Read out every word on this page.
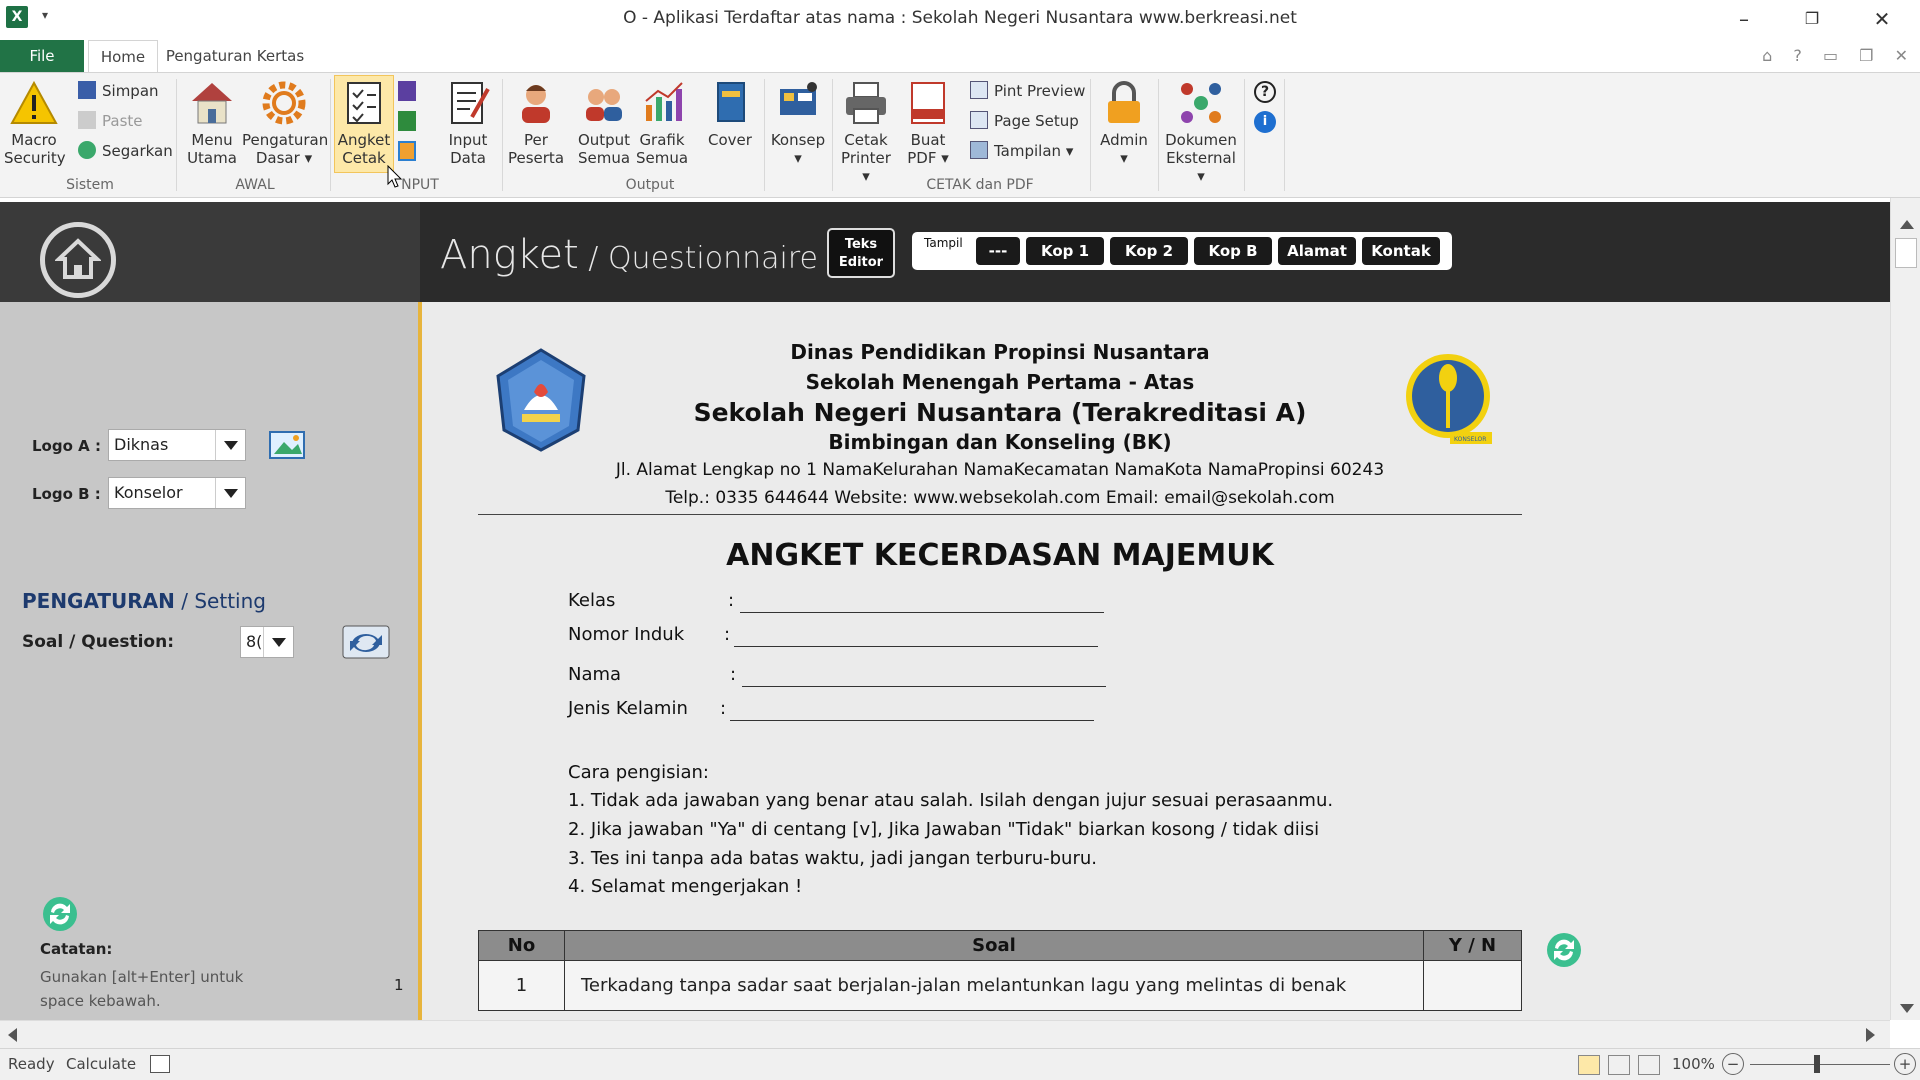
X	▾	O - Aplikasi Terdaftar atas nama : Sekolah Negeri Nusantara www.berkreasi.net	–	❐	✕
File	Home	Pengaturan Kertas	⌂ ? ▭ ❐ ✕
Macro
Security
Simpan
Paste
Segarkan
Sistem
Menu
Utama
Pengaturan
Dasar ▾
AWAL
Angket
Cetak
Input
Data
NPUT
Per
Peserta
Output
Semua
Grafik
Semua
Cover
Output
Konsep
▾
Cetak
Printer ▾
Buat
PDF ▾
Pint Preview
Page Setup
Tampilan ▾
CETAK dan PDF
Admin
▾
Dokumen
Eksternal ▾
?
i
Angket / Questionnaire	Teks
Editor
Tampil	---	Kop 1	Kop 2	Kop B	Alamat	Kontak
Logo A : Diknas
Logo B : Konselor
PENGATURAN / Setting
Soal / Question:	8(
Catatan:
Gunakan [alt+Enter] untuk
space kebawah.
1
KONSELOR
Dinas Pendidikan Propinsi Nusantara
Sekolah Menengah Pertama - Atas
Sekolah Negeri Nusantara (Terakreditasi A)
Bimbingan dan Konseling (BK)
Jl. Alamat Lengkap no 1 NamaKelurahan NamaKecamatan NamaKota NamaPropinsi 60243
Telp.: 0335 644644 Website: www.websekolah.com Email: email@sekolah.com
ANGKET KECERDASAN MAJEMUK
Kelas	:
Nomor Induk :
Nama	:
Jenis Kelamin :
Cara pengisian:
1. Tidak ada jawaban yang benar atau salah. Isilah dengan jujur sesuai perasaanmu.
2. Jika jawaban "Ya" di centang [v], Jika Jawaban "Tidak" biarkan kosong / tidak diisi
3. Tes ini tanpa ada batas waktu, jadi jangan terburu-buru.
4. Selamat mengerjakan !
No	Soal	Y / N
1	Terkadang tanpa sadar saat berjalan-jalan melantunkan lagu yang melintas di benak	
Ready Calculate	100% −	+
